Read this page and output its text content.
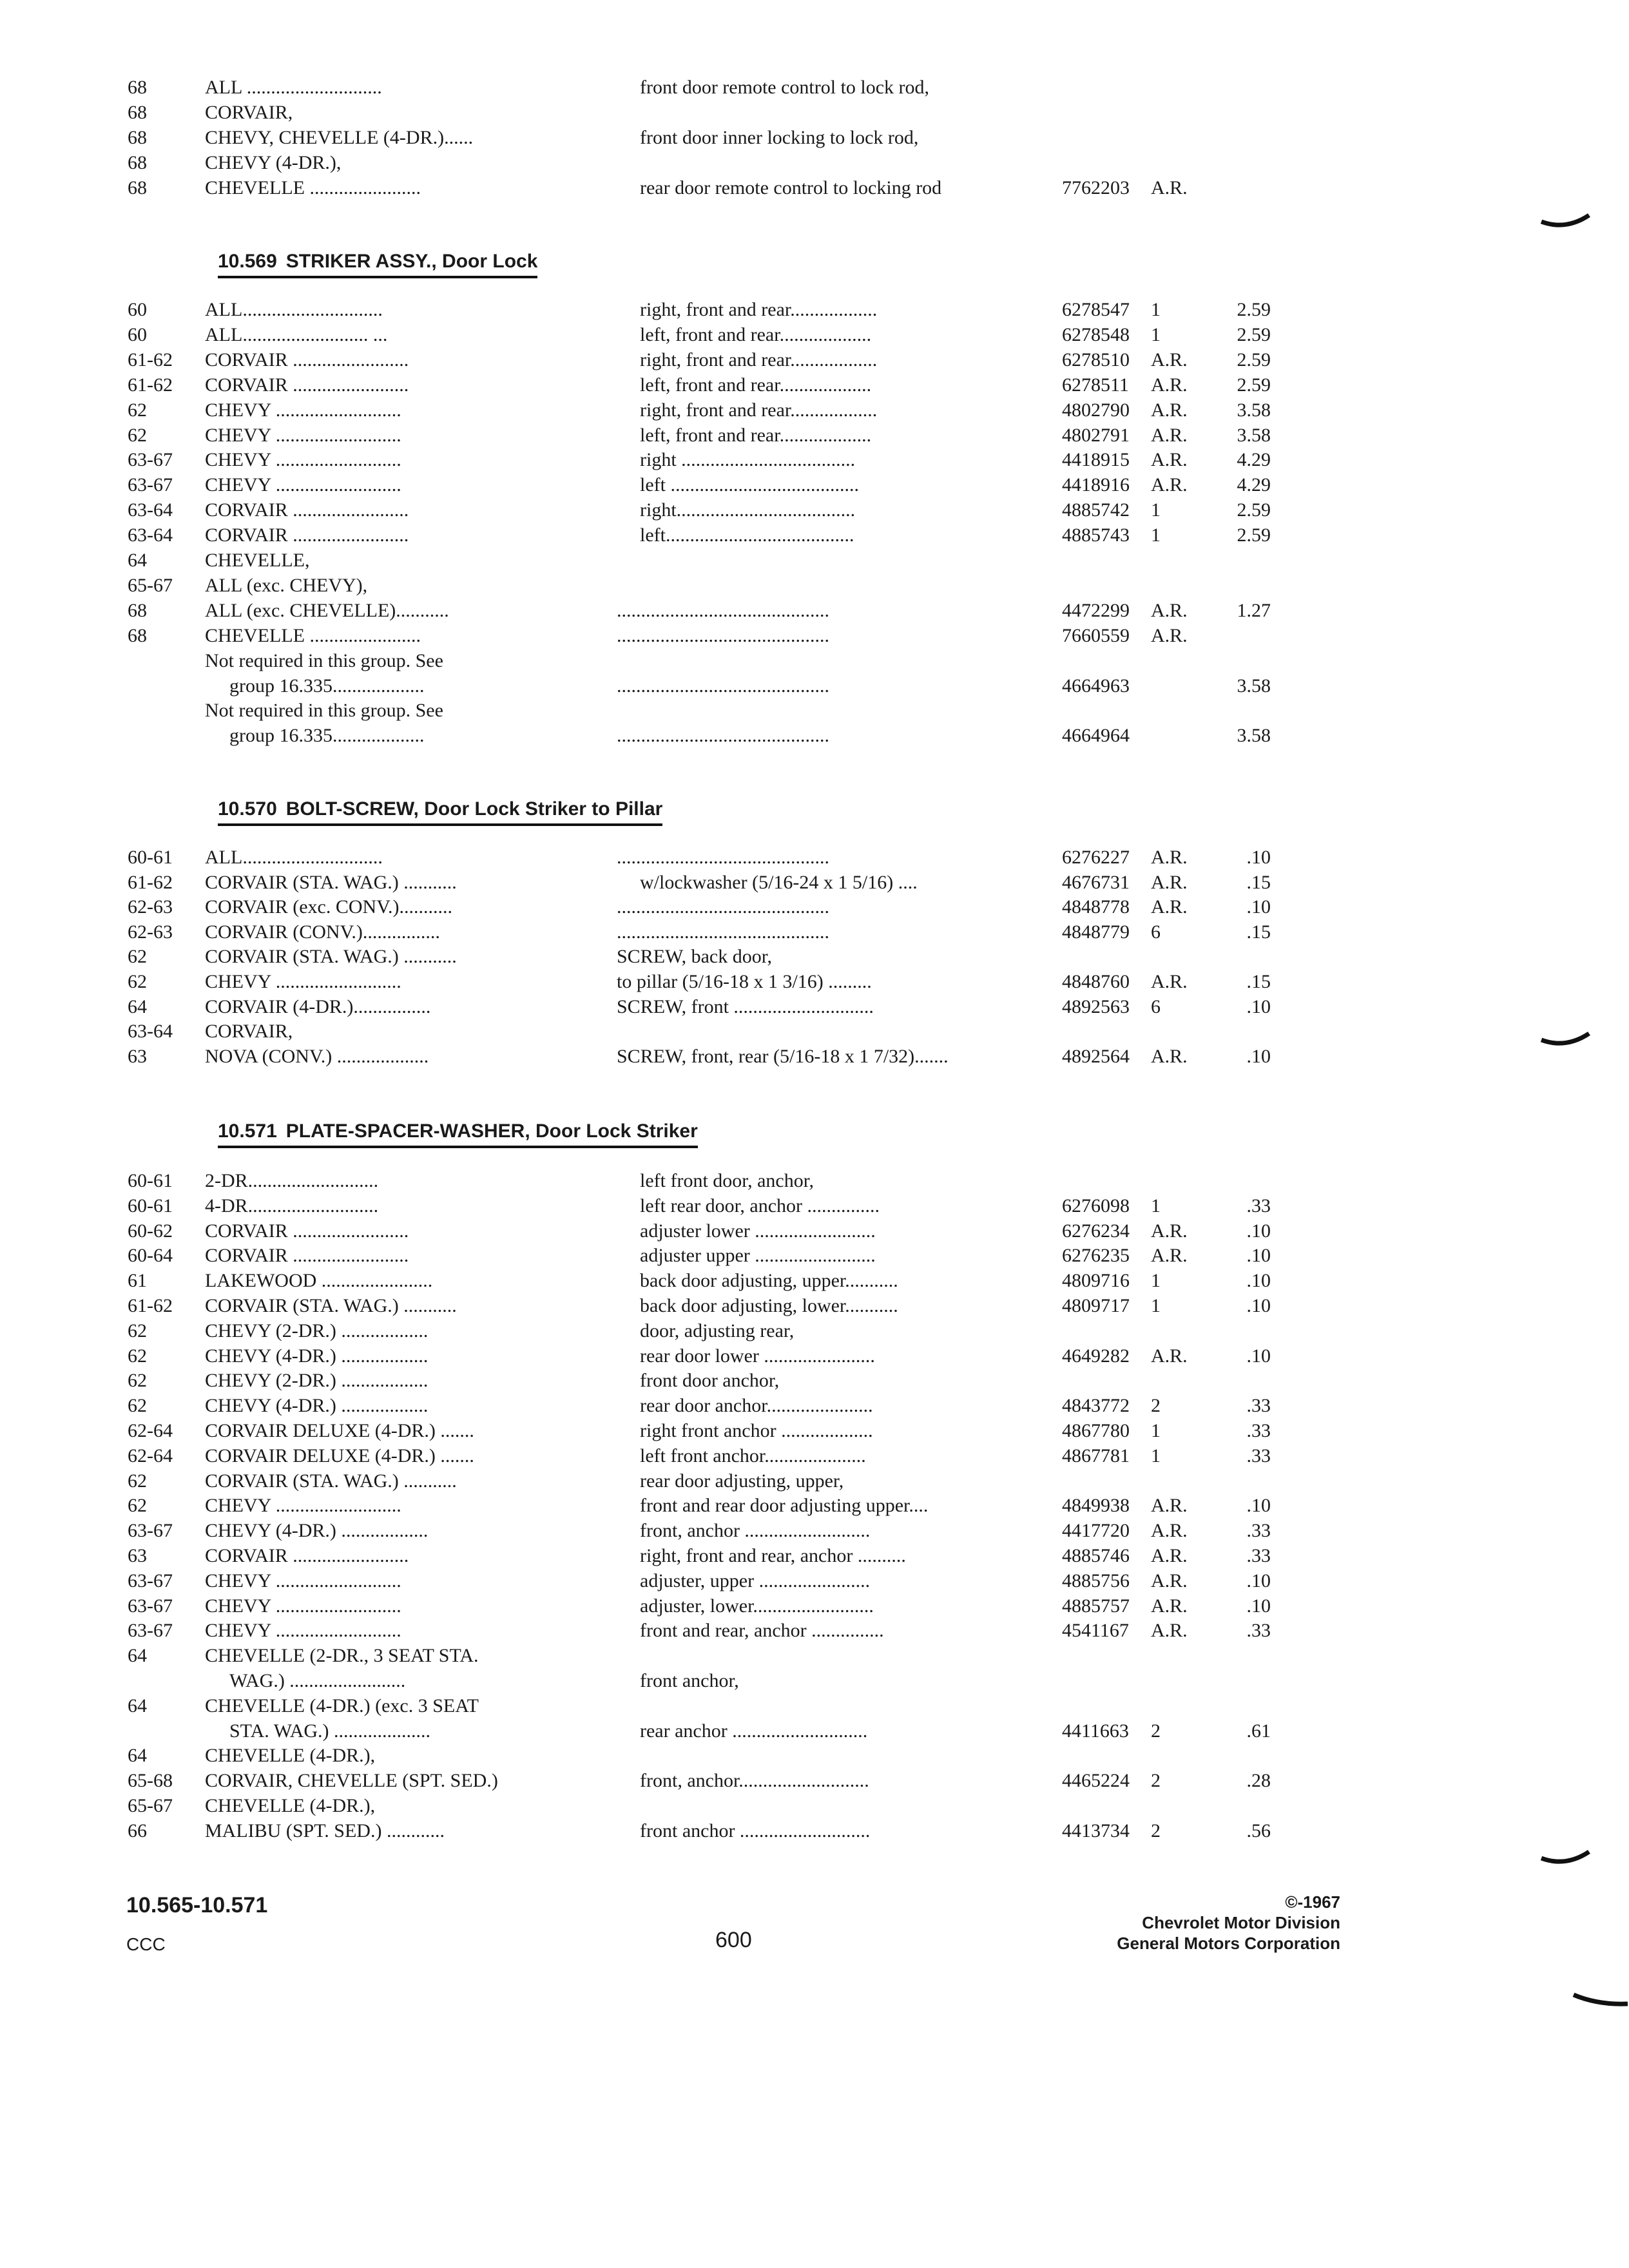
68	ALL ............................	front door remote control to lock rod,
68	CORVAIR,
68	CHEVY, CHEVELLE (4-DR.)......	front door inner locking to lock rod,
68	CHEVY (4-DR.),
68	CHEVELLE .......................	rear door remote control to locking rod	7762203 A.R.
10.569 STRIKER ASSY., Door Lock
60	ALL.............................	right, front and rear..................	6278547 1	2.59
60	ALL.......................... ...	left, front and rear...................	6278548 1	2.59
61-62 CORVAIR ........................	right, front and rear..................	6278510 A.R.	2.59
61-62 CORVAIR ........................	left, front and rear...................	6278511 A.R.	2.59
62	CHEVY ..........................	right, front and rear..................	4802790 A.R.	3.58
62	CHEVY ..........................	left, front and rear...................	4802791 A.R.	3.58
63-67 CHEVY ..........................	right ....................................	4418915 A.R.	4.29
63-67 CHEVY ..........................	left .......................................	4418916 A.R.	4.29
63-64 CORVAIR ........................	right.....................................	4885742 1	2.59
63-64 CORVAIR ........................	left.......................................	4885743 1	2.59
64	CHEVELLE,
65-67 ALL (exc. CHEVY),
68	ALL (exc. CHEVELLE)...........	............................................	4472299 A.R.	1.27
68	CHEVELLE .......................	............................................	7660559 A.R.
Not required in this group. See
group 16.335...................	............................................	4664963	3.58
Not required in this group. See
group 16.335...................	............................................	4664964	3.58
10.570 BOLT-SCREW, Door Lock Striker to Pillar
60-61 ALL.............................	............................................	6276227 A.R.	.10
61-62 CORVAIR (STA. WAG.) ...........	w/lockwasher (5/16-24 x 1 5/16) ....	4676731 A.R.	.15
62-63 CORVAIR (exc. CONV.)...........	............................................	4848778 A.R.	.10
62-63 CORVAIR (CONV.)................	............................................	4848779 6	.15
62	CORVAIR (STA. WAG.) ...........	SCREW, back door,
62	CHEVY ..........................	to pillar (5/16-18 x 1 3/16) .........	4848760 A.R.	.15
64	CORVAIR (4-DR.)................	SCREW, front .............................	4892563 6	.10
63-64 CORVAIR,
63	NOVA (CONV.) ...................	SCREW, front, rear (5/16-18 x 1 7/32).......	4892564 A.R.	.10
10.571 PLATE-SPACER-WASHER, Door Lock Striker
60-61 2-DR...........................	left front door, anchor,
60-61 4-DR...........................	left rear door, anchor ...............	6276098 1	.33
60-62 CORVAIR ........................	adjuster lower .........................	6276234 A.R.	.10
60-64 CORVAIR ........................	adjuster upper .........................	6276235 A.R.	.10
61	LAKEWOOD .......................	back door adjusting, upper...........	4809716 1	.10
61-62 CORVAIR (STA. WAG.) ...........	back door adjusting, lower...........	4809717 1	.10
62	CHEVY (2-DR.) ..................	door, adjusting rear,
62	CHEVY (4-DR.) ..................	rear door lower .......................	4649282 A.R.	.10
62	CHEVY (2-DR.) ..................	front door anchor,
62	CHEVY (4-DR.) ..................	rear door anchor......................	4843772 2	.33
62-64 CORVAIR DELUXE (4-DR.) .......	right front anchor ...................	4867780 1	.33
62-64 CORVAIR DELUXE (4-DR.) .......	left front anchor.....................	4867781 1	.33
62	CORVAIR (STA. WAG.) ...........	rear door adjusting, upper,
62	CHEVY ..........................	front and rear door adjusting upper....	4849938 A.R.	.10
63-67 CHEVY (4-DR.) ..................	front, anchor ..........................	4417720 A.R.	.33
63	CORVAIR ........................	right, front and rear, anchor ..........	4885746 A.R.	.33
63-67 CHEVY ..........................	adjuster, upper .......................	4885756 A.R.	.10
63-67 CHEVY ..........................	adjuster, lower.........................	4885757 A.R.	.10
63-67 CHEVY ..........................	front and rear, anchor ...............	4541167 A.R.	.33
64	CHEVELLE (2-DR., 3 SEAT STA.
WAG.) ........................	front anchor,
64	CHEVELLE (4-DR.) (exc. 3 SEAT
STA. WAG.) ....................	rear anchor ............................	4411663 2	.61
64	CHEVELLE (4-DR.),
65-68 CORVAIR, CHEVELLE (SPT. SED.)	front, anchor...........................	4465224 2	.28
65-67 CHEVELLE (4-DR.),
66	MALIBU (SPT. SED.) ............	front anchor ...........................	4413734 2	.56
10.565-10.571
CCC	600
©-1967
Chevrolet Motor Division
General Motors Corporation
